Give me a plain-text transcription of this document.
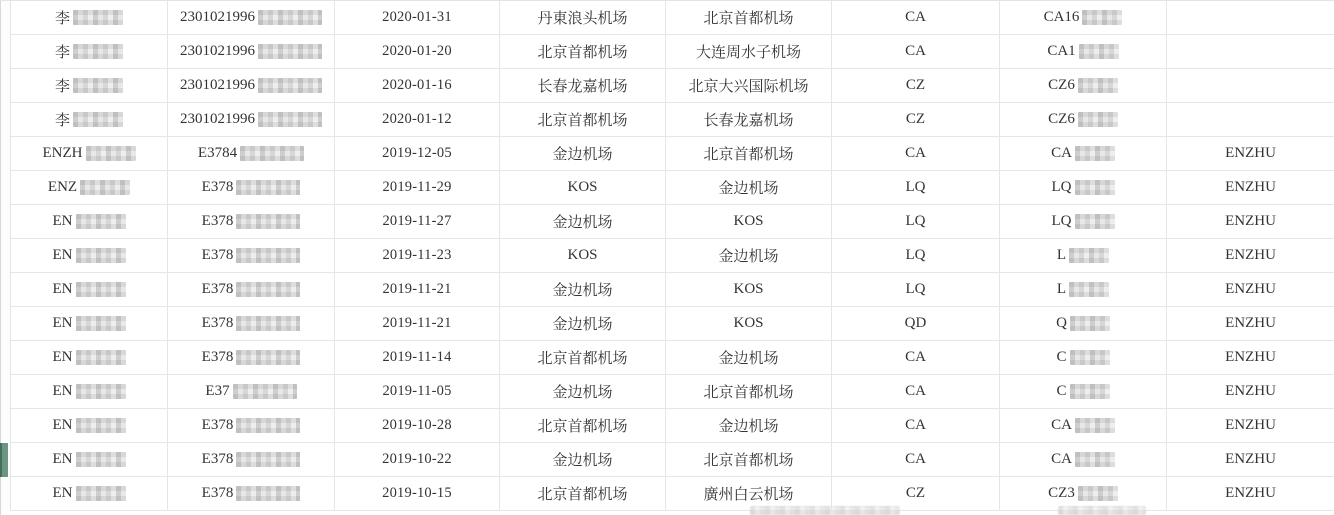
李	2301021996	2020-01-31	丹東浪头机场	北京首都机场	CA	CA16
李	2301021996	2020-01-20	北京首都机场	大连周水子机场	CA	CA1
李	2301021996	2020-01-16	长春龙嘉机场	北京大兴国际机场	CZ	CZ6
李	2301021996	2020-01-12	北京首都机场	长春龙嘉机场	CZ	CZ6
ENZH	E3784	2019-12-05	金边机场	北京首都机场	CA	CA	ENZHU
ENZ	E378	2019-11-29	KOS	金边机场	LQ	LQ	ENZHU
EN	E378	2019-11-27	金边机场	KOS	LQ	LQ	ENZHU
EN	E378	2019-11-23	KOS	金边机场	LQ	L	ENZHU
EN	E378	2019-11-21	金边机场	KOS	LQ	L	ENZHU
EN	E378	2019-11-21	金边机场	KOS	QD	Q	ENZHU
EN	E378	2019-11-14	北京首都机场	金边机场	CA	C	ENZHU
EN	E37	2019-11-05	金边机场	北京首都机场	CA	C	ENZHU
EN	E378	2019-10-28	北京首都机场	金边机场	CA	CA	ENZHU
EN	E378	2019-10-22	金边机场	北京首都机场	CA	CA	ENZHU
EN	E378	2019-10-15	北京首都机场	廣州白云机场	CZ	CZ3	ENZHU
